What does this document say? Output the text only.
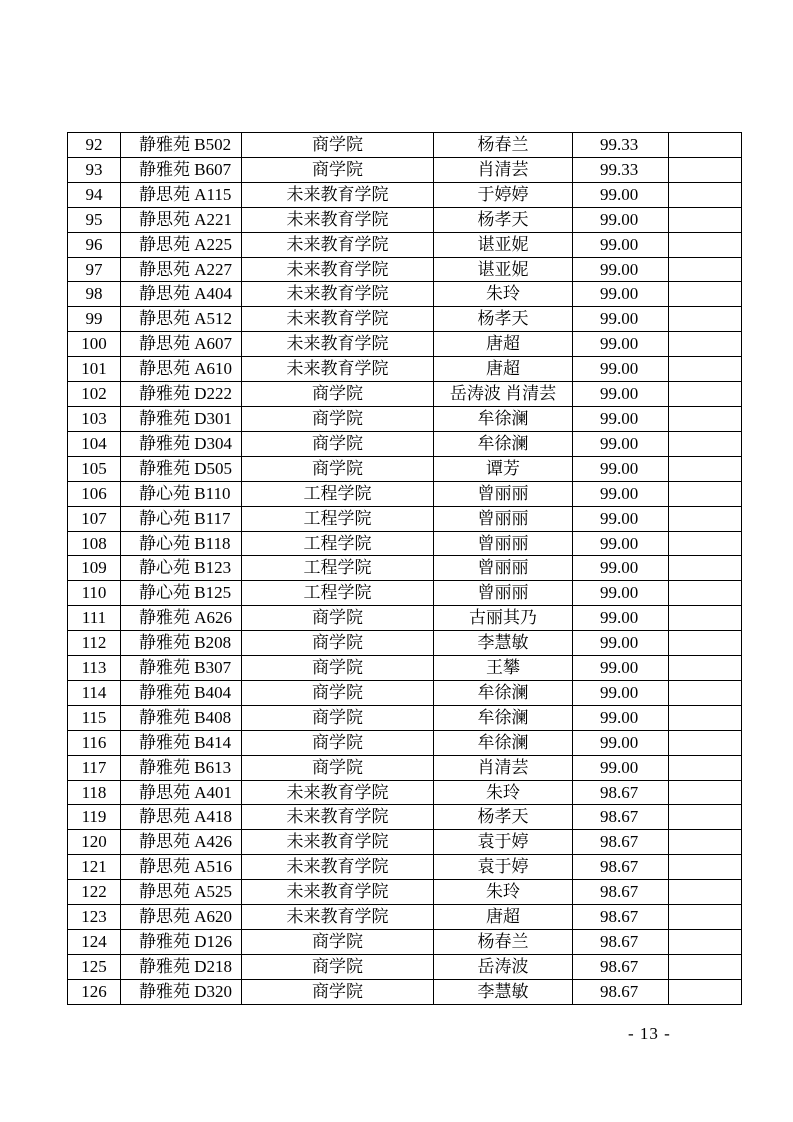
92	静雅苑 B502	商学院	杨春兰	99.33	
93	静雅苑 B607	商学院	肖清芸	99.33	
94	静思苑 A115	未来教育学院	于婷婷	99.00	
95	静思苑 A221	未来教育学院	杨孝天	99.00	
96	静思苑 A225	未来教育学院	谌亚妮	99.00	
97	静思苑 A227	未来教育学院	谌亚妮	99.00	
98	静思苑 A404	未来教育学院	朱玲	99.00	
99	静思苑 A512	未来教育学院	杨孝天	99.00	
100	静思苑 A607	未来教育学院	唐超	99.00	
101	静思苑 A610	未来教育学院	唐超	99.00	
102	静雅苑 D222	商学院	岳涛波 肖清芸	99.00	
103	静雅苑 D301	商学院	牟徐澜	99.00	
104	静雅苑 D304	商学院	牟徐澜	99.00	
105	静雅苑 D505	商学院	谭芳	99.00	
106	静心苑 B110	工程学院	曾丽丽	99.00	
107	静心苑 B117	工程学院	曾丽丽	99.00	
108	静心苑 B118	工程学院	曾丽丽	99.00	
109	静心苑 B123	工程学院	曾丽丽	99.00	
110	静心苑 B125	工程学院	曾丽丽	99.00	
111	静雅苑 A626	商学院	古丽其乃	99.00	
112	静雅苑 B208	商学院	李慧敏	99.00	
113	静雅苑 B307	商学院	王攀	99.00	
114	静雅苑 B404	商学院	牟徐澜	99.00	
115	静雅苑 B408	商学院	牟徐澜	99.00	
116	静雅苑 B414	商学院	牟徐澜	99.00	
117	静雅苑 B613	商学院	肖清芸	99.00	
118	静思苑 A401	未来教育学院	朱玲	98.67	
119	静思苑 A418	未来教育学院	杨孝天	98.67	
120	静思苑 A426	未来教育学院	袁于婷	98.67	
121	静思苑 A516	未来教育学院	袁于婷	98.67	
122	静思苑 A525	未来教育学院	朱玲	98.67	
123	静思苑 A620	未来教育学院	唐超	98.67	
124	静雅苑 D126	商学院	杨春兰	98.67	
125	静雅苑 D218	商学院	岳涛波	98.67	
126	静雅苑 D320	商学院	李慧敏	98.67	
- 13 -
